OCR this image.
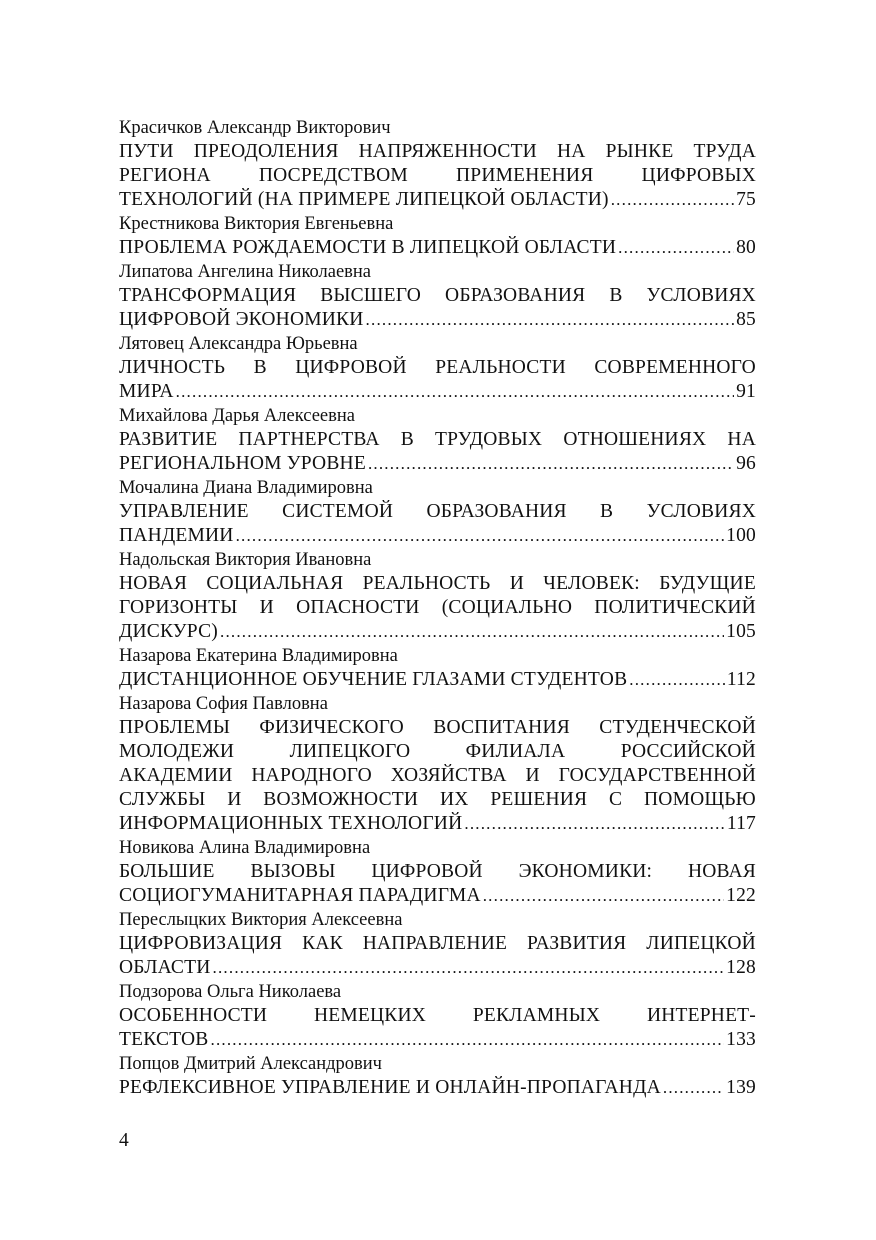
Красичков Александр Викторович
ПУТИ ПРЕОДОЛЕНИЯ НАПРЯЖЕННОСТИ НА РЫНКЕ ТРУДА
РЕГИОНА ПОСРЕДСТВОМ ПРИМЕНЕНИЯ ЦИФРОВЫХ
ТЕХНОЛОГИЙ (НА ПРИМЕРЕ ЛИПЕЦКОЙ ОБЛАСТИ) .....	75
Крестникова Виктория Евгеньевна
ПРОБЛЕМА РОЖДАЕМОСТИ В ЛИПЕЦКОЙ ОБЛАСТИ .....	80
Липатова Ангелина Николаевна
ТРАНСФОРМАЦИЯ ВЫСШЕГО ОБРАЗОВАНИЯ В УСЛОВИЯХ
ЦИФРОВОЙ ЭКОНОМИКИ .....	85
Лятовец Александра Юрьевна
ЛИЧНОСТЬ В ЦИФРОВОЙ РЕАЛЬНОСТИ СОВРЕМЕННОГО
МИРА .....	91
Михайлова Дарья Алексеевна
РАЗВИТИЕ ПАРТНЕРСТВА В ТРУДОВЫХ ОТНОШЕНИЯХ НА
РЕГИОНАЛЬНОМ УРОВНЕ .....	96
Мочалина Диана Владимировна
УПРАВЛЕНИЕ СИСТЕМОЙ ОБРАЗОВАНИЯ В УСЛОВИЯХ
ПАНДЕМИИ .....	100
Надольская Виктория Ивановна
НОВАЯ СОЦИАЛЬНАЯ РЕАЛЬНОСТЬ И ЧЕЛОВЕК: БУДУЩИЕ
ГОРИЗОНТЫ И ОПАСНОСТИ (СОЦИАЛЬНО ПОЛИТИЧЕСКИЙ
ДИСКУРС) .....	105
Назарова Екатерина Владимировна
ДИСТАНЦИОННОЕ ОБУЧЕНИЕ ГЛАЗАМИ СТУДЕНТОВ .....	112
Назарова София Павловна
ПРОБЛЕМЫ ФИЗИЧЕСКОГО ВОСПИТАНИЯ СТУДЕНЧЕСКОЙ
МОЛОДЕЖИ	ЛИПЕЦКОГО	ФИЛИАЛА	РОССИЙСКОЙ
АКАДЕМИИ НАРОДНОГО ХОЗЯЙСТВА И ГОСУДАРСТВЕННОЙ
СЛУЖБЫ И ВОЗМОЖНОСТИ ИХ РЕШЕНИЯ С ПОМОЩЬЮ
ИНФОРМАЦИОННЫХ ТЕХНОЛОГИЙ .....	117
Новикова Алина Владимировна
БОЛЬШИЕ ВЫЗОВЫ ЦИФРОВОЙ ЭКОНОМИКИ: НОВАЯ
СОЦИОГУМАНИТАРНАЯ ПАРАДИГМА .....	122
Переслыцких Виктория Алексеевна
ЦИФРОВИЗАЦИЯ КАК НАПРАВЛЕНИЕ РАЗВИТИЯ ЛИПЕЦКОЙ
ОБЛАСТИ .....	128
Подзорова Ольга Николаева
ОСОБЕННОСТИ НЕМЕЦКИХ РЕКЛАМНЫХ ИНТЕРНЕТ-
ТЕКСТОВ .....	133
Попцов Дмитрий Александрович
РЕФЛЕКСИВНОЕ УПРАВЛЕНИЕ И ОНЛАЙН-ПРОПАГАНДА .....	139
4
